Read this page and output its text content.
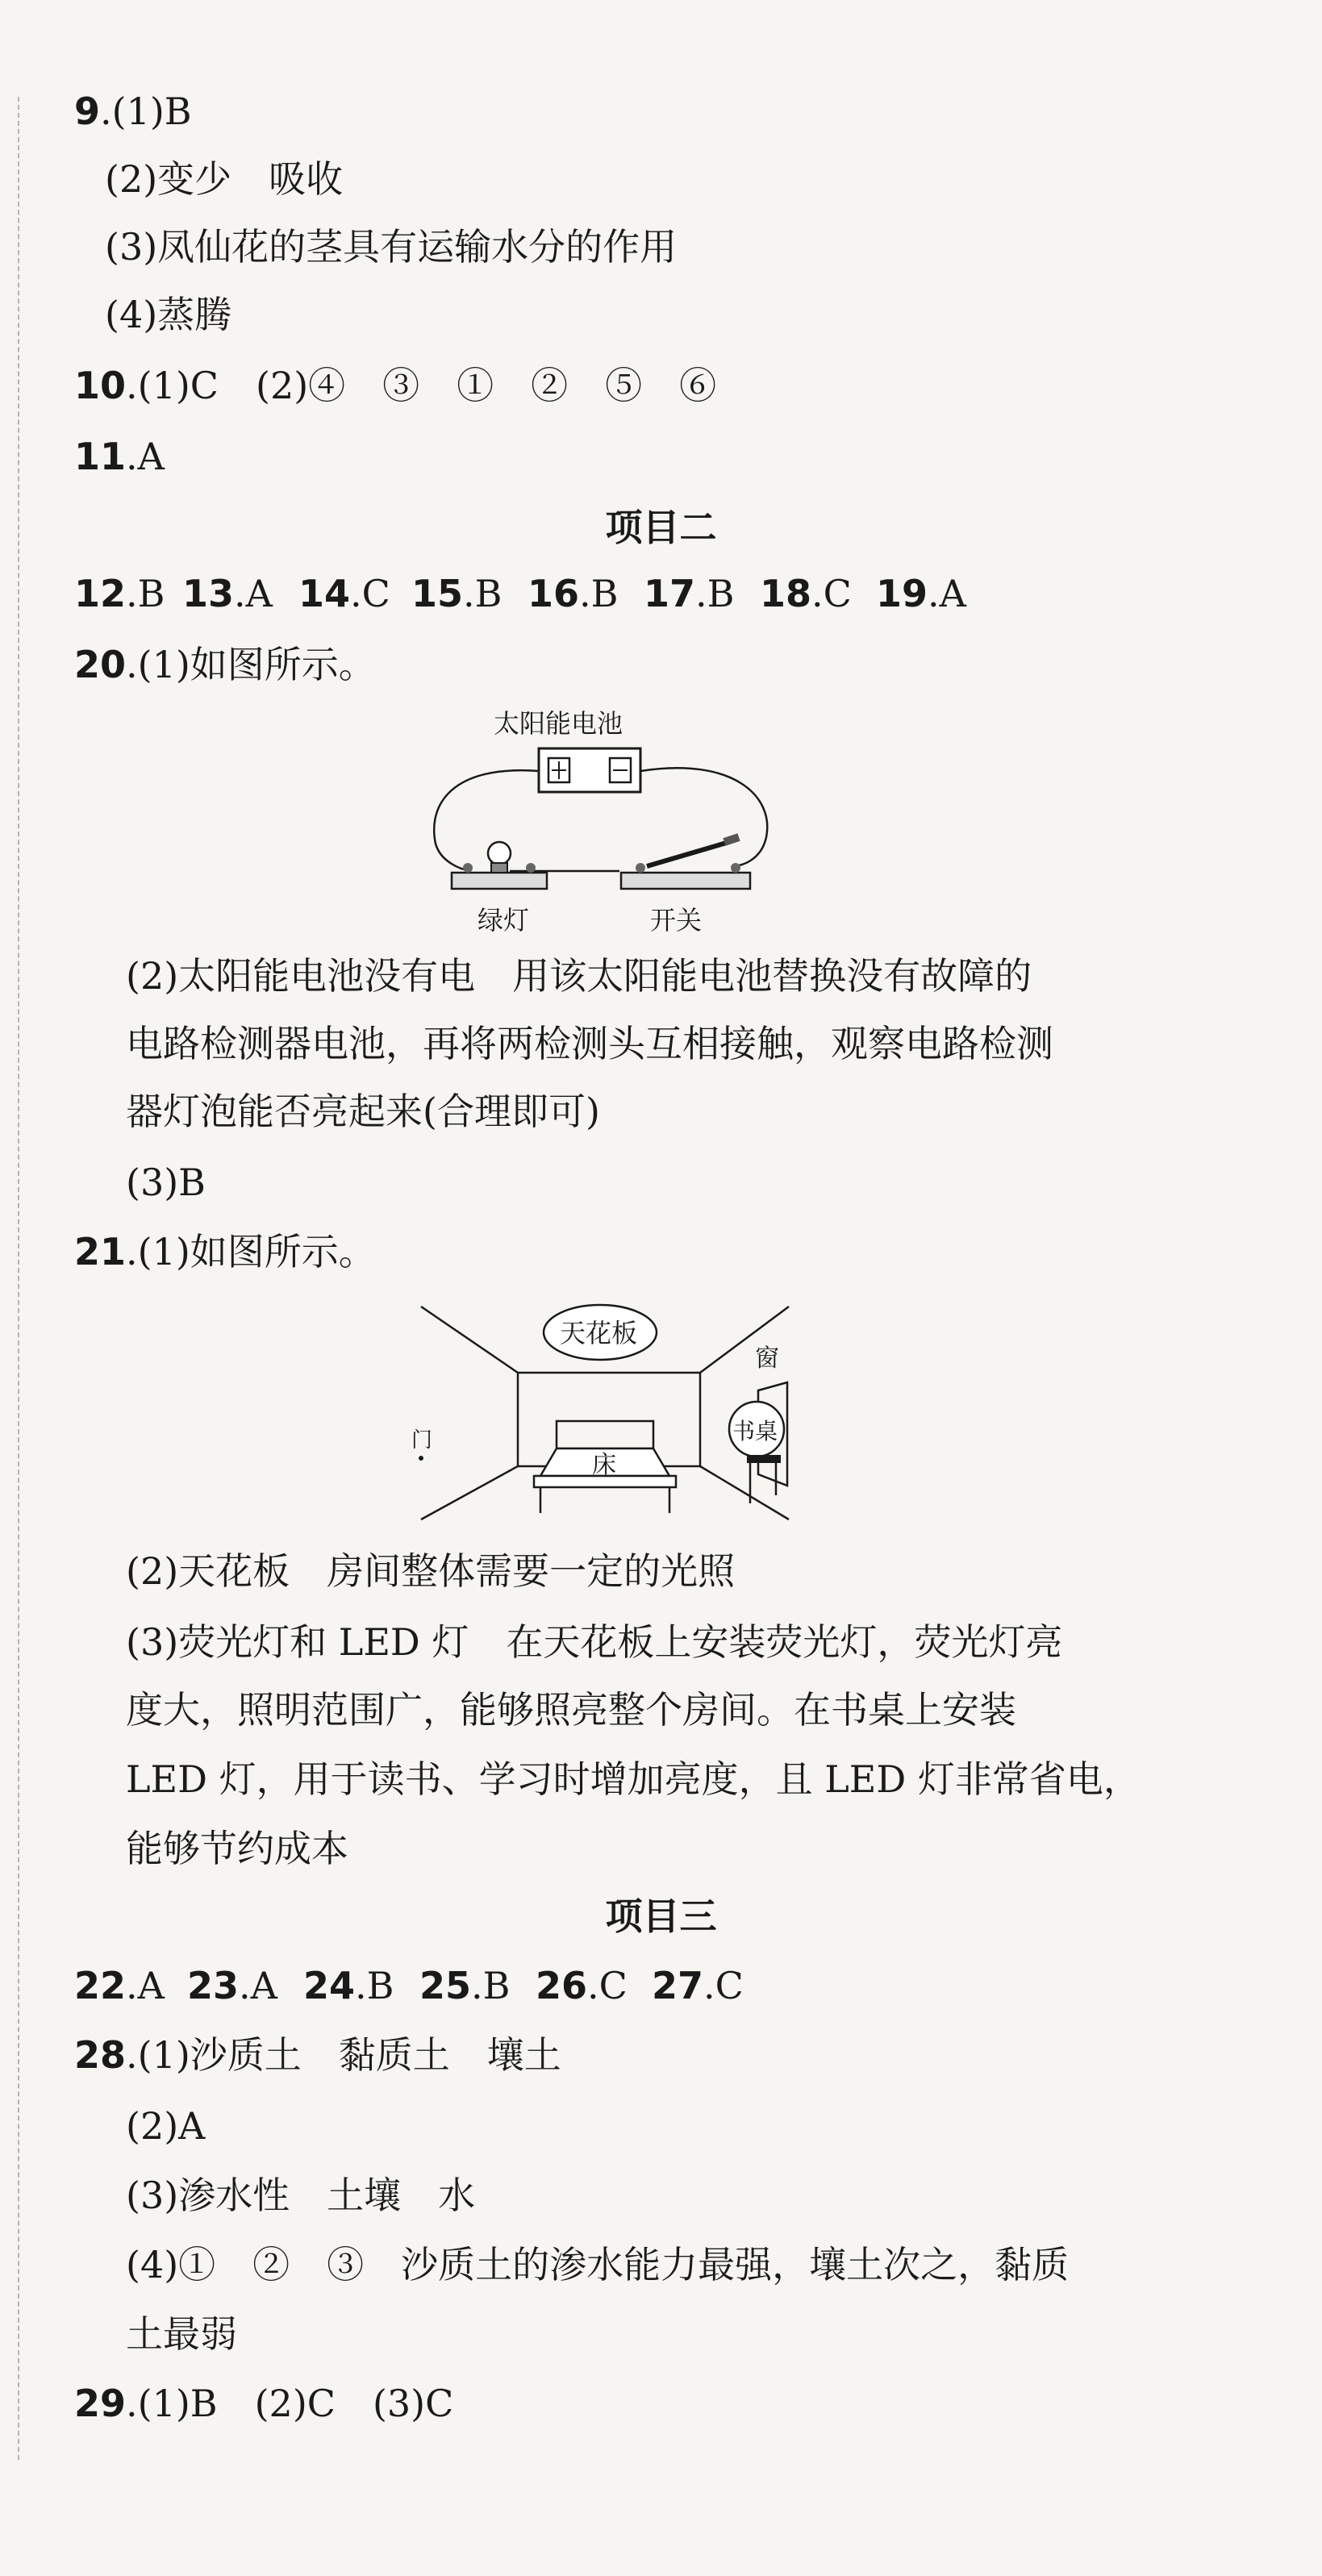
9.(1)B
(2)变少　吸收
(3)凤仙花的茎具有运输水分的作用
(4)蒸腾
10.(1)C　(2)④　③　①　②　⑤　⑥
11.A
项目二
12.B 13.A 14.C 15.B 16.B 17.B 18.C 19.A
20.(1)如图所示。
太阳能电池
绿灯	开关
(2)太阳能电池没有电　用该太阳能电池替换没有故障的
电路检测器电池，再将两检测头互相接触，观察电路检测
器灯泡能否亮起来(合理即可)
(3)B
21.(1)如图所示。
天花板
窗
门	书桌
床
(2)天花板　房间整体需要一定的光照
(3)荧光灯和 LED 灯　在天花板上安装荧光灯，荧光灯亮
度大，照明范围广，能够照亮整个房间。在书桌上安装
LED 灯，用于读书、学习时增加亮度，且 LED 灯非常省电，
能够节约成本
项目三
22.A 23.A 24.B 25.B 26.C 27.C
28.(1)沙质土　黏质土　壤土
(2)A
(3)渗水性　土壤　水
(4)①　②　③　沙质土的渗水能力最强，壤土次之，黏质
土最弱
29.(1)B　(2)C　(3)C
